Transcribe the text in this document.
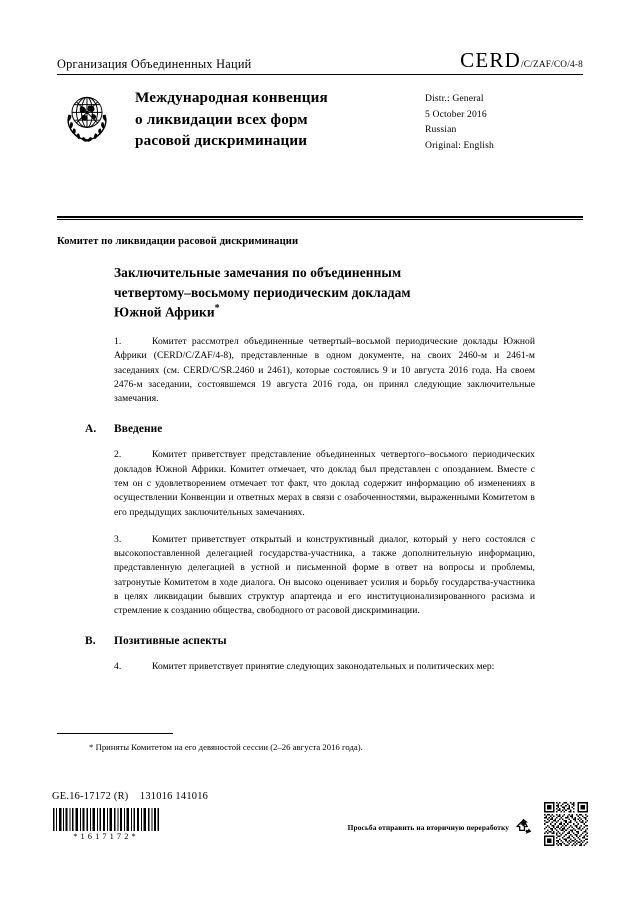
Организация Объединенных Наций	CERD /C/ZAF/CO/4-8
Международная конвенция
о ликвидации всех форм
расовой дискриминации
Distr.: General
5 October 2016
Russian
Original: English
Комитет по ликвидации расовой дискриминации
Заключительные замечания по объединенным
четвертому–восьмому периодическим докладам
Южной Африки*
1.	Комитет рассмотрел объединенные четвертый–восьмой периодические доклады Южной Африки (CERD/C/ZAF/4-8), представленные в одном документе, на своих 2460-м и 2461-м заседаниях (см. CERD/C/SR.2460 и 2461), которые состоялись 9 и 10 августа 2016 года. На своем 2476-м заседании, состоявшемся 19 августа 2016 года, он принял следующие заключительные замечания.
A.	Введение
2.	Комитет приветствует представление объединенных четвертого–восьмого периодических докладов Южной Африки. Комитет отмечает, что доклад был представлен с опозданием. Вместе с тем он с удовлетворением отмечает тот факт, что доклад содержит информацию об изменениях в осуществлении Конвенции и ответных мерах в связи с озабоченностями, выраженными Комитетом в его предыдущих заключительных замечаниях.
3.	Комитет приветствует открытый и конструктивный диалог, который у него состоялся с высокопоставленной делегацией государства-участника, а также дополнительную информацию, представленную делегацией в устной и письменной форме в ответ на вопросы и проблемы, затронутые Комитетом в ходе диалога. Он высоко оценивает усилия и борьбу государства-участника в целях ликвидации бывших структур апартеида и его институционализированного расизма и стремление к созданию общества, свободного от расовой дискриминации.
B.	Позитивные аспекты
4.	Комитет приветствует принятие следующих законодательных и политических мер:
* Приняты Комитетом на его девяностой сессии (2–26 августа 2016 года).
GE.16-17172 (R) 131016 141016
*1617172*
Просьба отправить на вторичную переработку
